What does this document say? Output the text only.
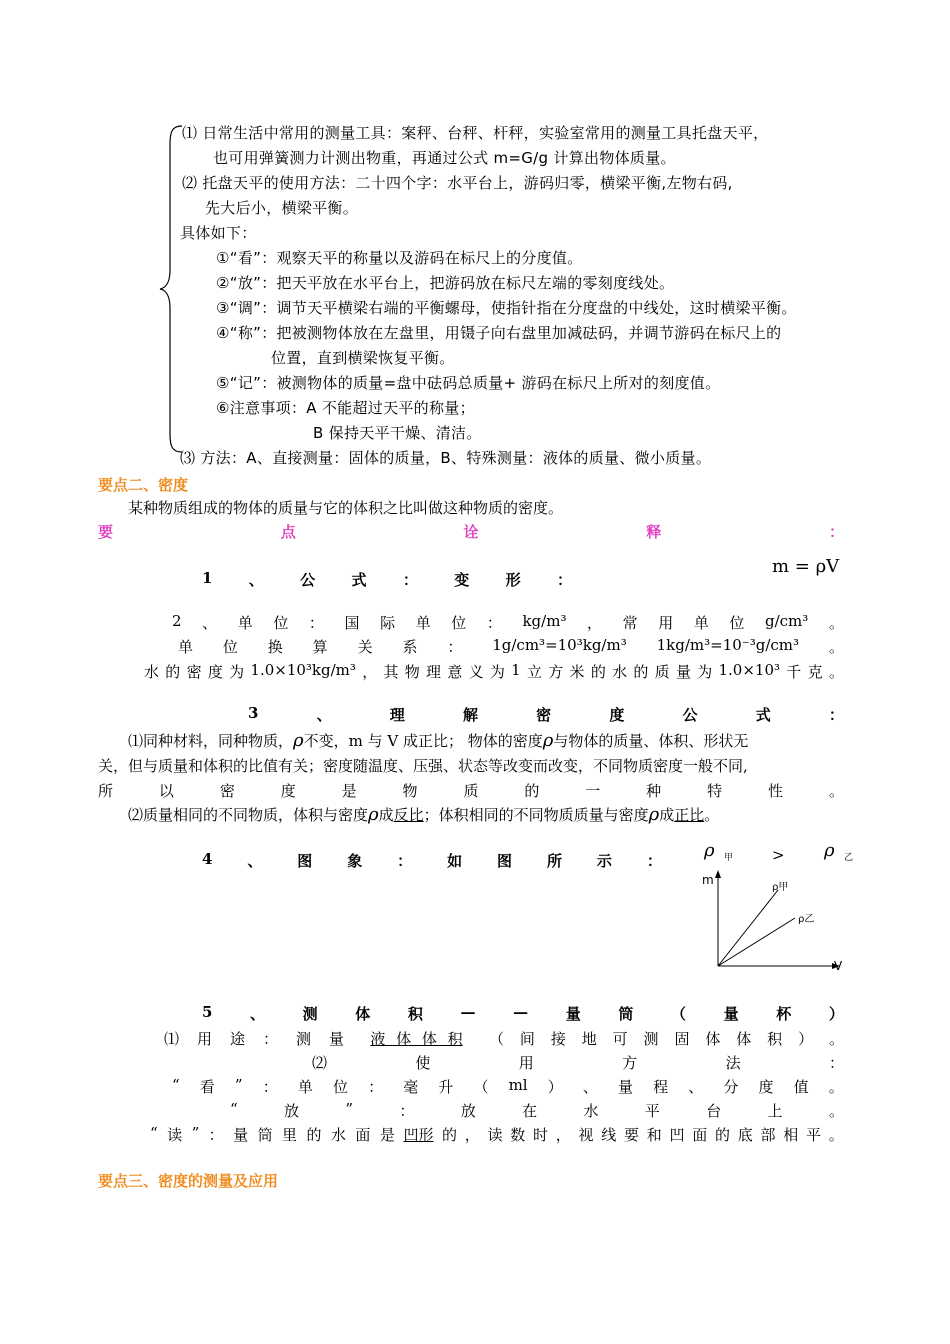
⑴ 日常生活中常用的测量工具：案秤、台秤、杆秤，实验室常用的测量工具托盘天平，
也可用弹簧测力计测出物重，再通过公式 m=G/g 计算出物体质量。
⑵ 托盘天平的使用方法：二十四个字：水平台上，游码归零，横梁平衡,左物右码,
先大后小，横梁平衡。
具体如下：
①“看”：观察天平的称量以及游码在标尺上的分度值。
②“放”：把天平放在水平台上，把游码放在标尺左端的零刻度线处。
③“调”：调节天平横梁右端的平衡螺母，使指针指在分度盘的中线处，这时横梁平衡。
④“称”：把被测物体放在左盘里，用镊子向右盘里加减砝码，并调节游码在标尺上的
位置，直到横梁恢复平衡。
⑤“记”：被测物体的质量=盘中砝码总质量+ 游码在标尺上所对的刻度值。
⑥注意事项：A 不能超过天平的称量；
B 保持天平干燥、清洁。
⑶ 方法：A、直接测量：固体的质量，B、特殊测量：液体的质量、微小质量。
要点二、密度
某种物质组成的物体的质量与它的体积之比叫做这种物质的密度。
要	点	诠	释	：
1 、 公 式 ： 变 形 ：
m = ρV
2 、 单 位 ： 国 际 单 位 ： kg/m³ ， 常 用 单 位 g/cm³ 。
单 位 换 算 关 系 ： 1g/cm³=10³kg/m³ 1kg/m³=10⁻³g/cm³ 。
水 的 密 度 为 1.0×10³kg/m³ ， 其 物 理 意 义 为 1 立 方 米 的 水 的 质 量 为 1.0×10³ 千 克 。
3	、	理	解	密	度	公	式	：
⑴同种材料，同种物质，ρ不变，m 与 V 成正比； 物体的密度ρ与物体的质量、体积、形状无
关，但与质量和体积的比值有关；密度随温度、压强、状态等改变而改变，不同物质密度一般不同,
所	以	密	度	是	物	质	的	一	种	特	性	。
⑵质量相同的不同物质，体积与密度ρ成反比；体积相同的不同物质质量与密度ρ成正比。
4 、 图 象 ： 如 图 所 示 ： ρ 甲	> ρ 乙
m
V
ρ甲
ρ乙
5	、	测	体	积	—	—	量	筒	（	量	杯	）
⑴ 用 途 ： 测 量 液 体 体 积 （ 间 接 地 可 测 固 体 体 积 ） 。
⑵	使	用	方	法	：
“ 看 ” ： 单 位 ： 毫 升 （ ml ） 、 量 程 、 分 度 值 。
“	放	”	：	放	在	水	平	台	上	。
“ 读 ” ： 量 筒 里 的 水 面 是 凹形 的 ， 读 数 时 ， 视 线 要 和 凹 面 的 底 部 相 平 。
要点三、密度的测量及应用
